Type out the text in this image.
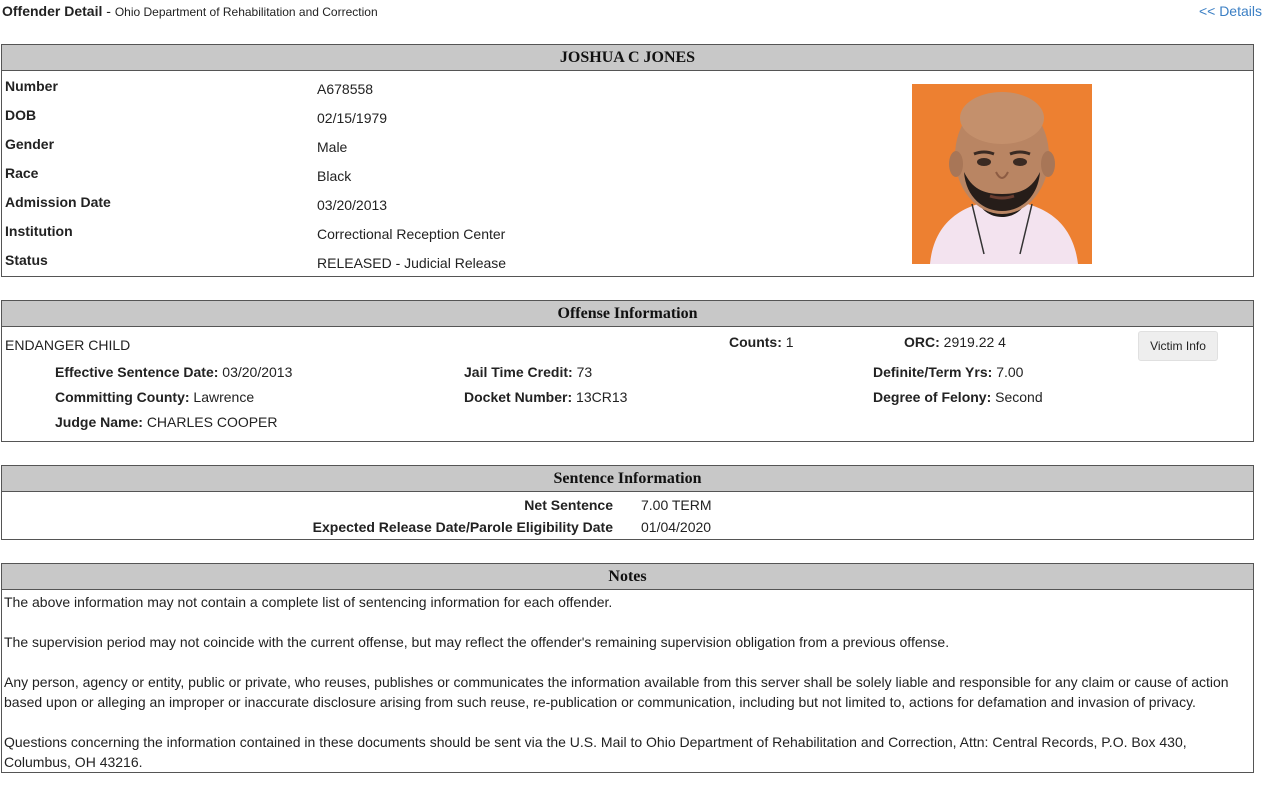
Offender Detail - Ohio Department of Rehabilitation and Correction	<< Details
JOSHUA C JONES
Number	A678558
DOB	02/15/1979
Gender	Male
Race	Black
Admission Date	03/20/2013
Institution	Correctional Reception Center
Status	RELEASED - Judicial Release
Offense Information
ENDANGER CHILD	Counts: 1	ORC: 2919.22 4	Victim Info
Effective Sentence Date: 03/20/2013	Jail Time Credit: 73	Definite/Term Yrs: 7.00
Committing County: Lawrence	Docket Number: 13CR13	Degree of Felony: Second
Judge Name: CHARLES COOPER
Sentence Information
Net Sentence 7.00 TERM
Expected Release Date/Parole Eligibility Date 01/04/2020
Notes

The above information may not contain a complete list of sentencing information for each offender.

The supervision period may not coincide with the current offense, but may reflect the offender's remaining supervision obligation from a previous offense.

Any person, agency or entity, public or private, who reuses, publishes or communicates the information available from this server shall be solely liable and responsible for any claim or cause of action based upon or alleging an improper or inaccurate disclosure arising from such reuse, re-publication or communication, including but not limited to, actions for defamation and invasion of privacy.

Questions concerning the information contained in these documents should be sent via the U.S. Mail to Ohio Department of Rehabilitation and Correction, Attn: Central Records, P.O. Box 430, Columbus, OH 43216.
